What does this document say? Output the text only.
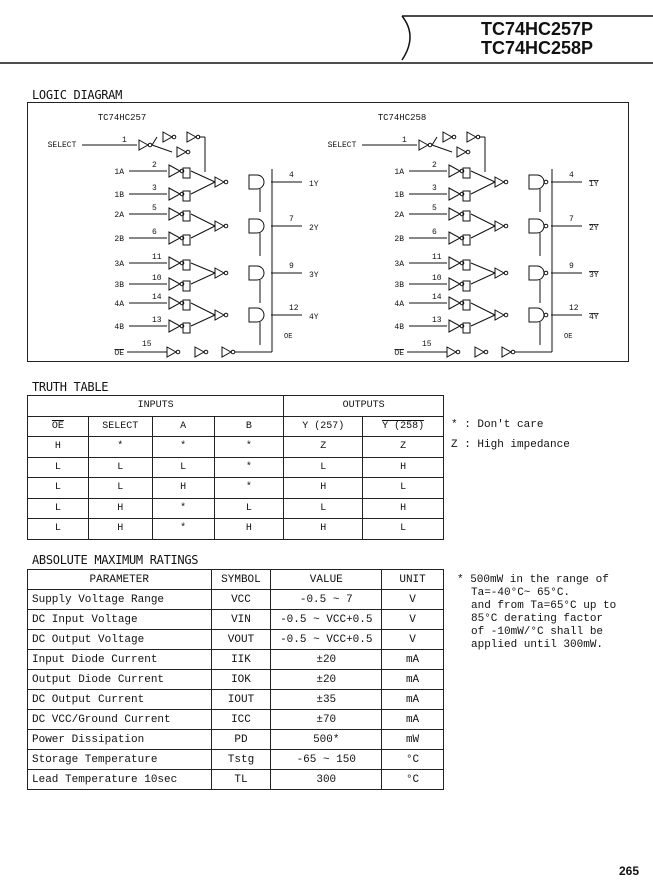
TC74HC257P
TC74HC258P
LOGIC DIAGRAM
TC74HC257
SELECT
1
1A
2
1B
3
2A
5
2B
6
3A
11
3B
10
4A
14
4B
13
4
1Y
7
2Y
9
3Y
12
4Y
OE
15
OE
TC74HC258
SELECT
1
1A
2
1B
3
2A
5
2B
6
3A
11
3B
10
4A
14
4B
13
4
1Y
7
2Y
9
3Y
12
4Y
OE
15
OE
TRUTH TABLE
INPUTS				OUTPUTS	
$\overline{OE}$	SELECT	A	B	Y (257)	Y (258)
H	*	*	*	Z	Z
L	L	L	*	L	H
L	L	H	*	H	L
L	H	*	L	L	H
L	H	*	H	H	L
* : Don't care
Z : High impedance
ABSOLUTE MAXIMUM RATINGS
PARAMETER	SYMBOL	VALUE	UNIT
Supply Voltage Range	VCC	-0.5 ~ 7	V
DC Input Voltage	VIN	-0.5 ~ VCC+0.5	V
DC Output Voltage	VOUT	-0.5 ~ VCC+0.5	V
Input Diode Current	IIK	±20	mA
Output Diode Current	IOK	±20	mA
DC Output Current	IOUT	±35	mA
DC VCC/Ground Current	ICC	±70	mA
Power Dissipation	PD	500*	mW
Storage Temperature	Tstg	-65 ~ 150	°C
Lead Temperature 10sec	TL	300	°C
* 500mW in the range of
Ta=-40°C~ 65°C.
and from Ta=65°C up to
85°C derating factor
of -10mW/°C shall be
applied until 300mW.
265
